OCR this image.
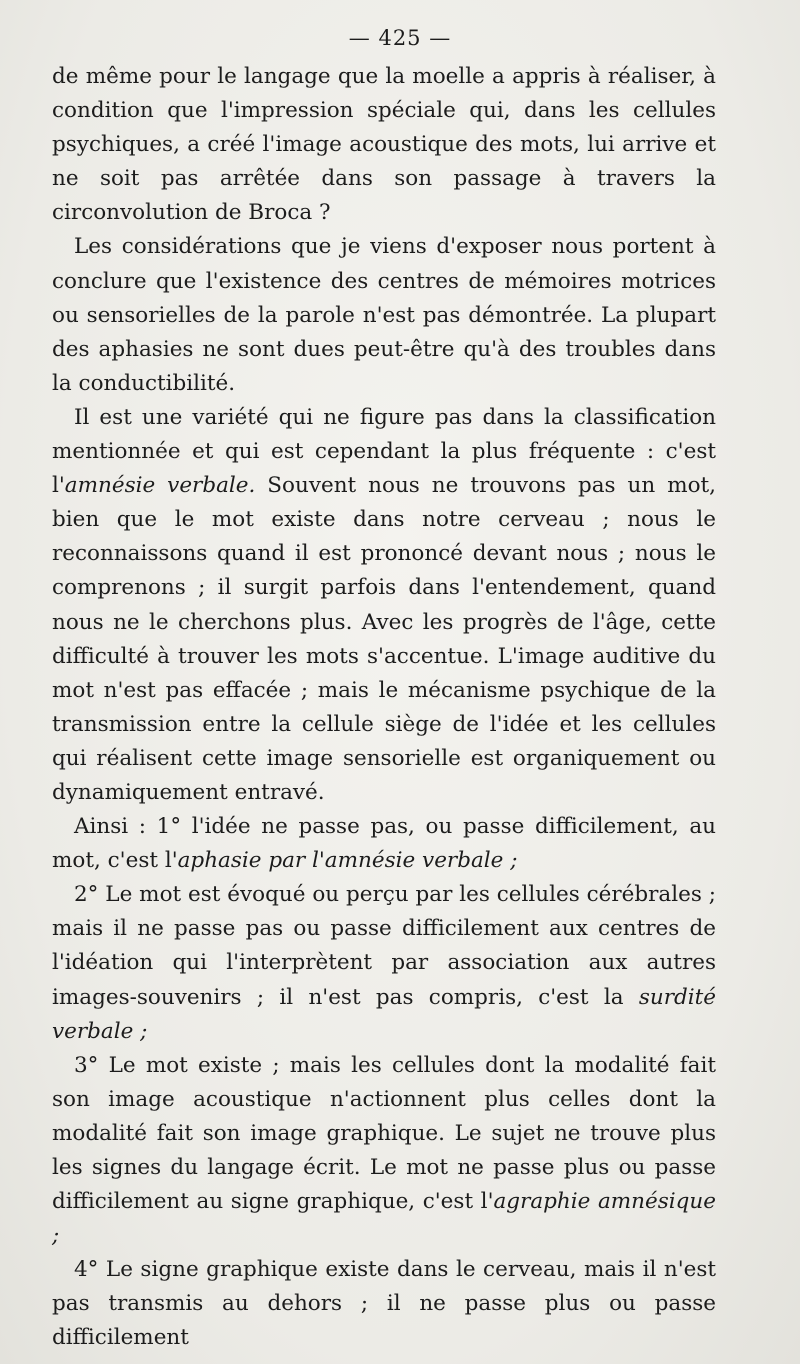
— 425 —

de même pour le langage que la moelle a appris à réaliser, à condition que l'impression spéciale qui, dans les cellules psychiques, a créé l'image acoustique des mots, lui arrive et ne soit pas arrêtée dans son passage à travers la circonvolution de Broca ?

Les considérations que je viens d'exposer nous portent à conclure que l'existence des centres de mémoires motrices ou sensorielles de la parole n'est pas démontrée. La plupart des aphasies ne sont dues peut-être qu'à des troubles dans la conductibilité.

Il est une variété qui ne figure pas dans la classification mentionnée et qui est cependant la plus fréquente : c'est l'amnésie verbale. Souvent nous ne trouvons pas un mot, bien que le mot existe dans notre cerveau ; nous le reconnaissons quand il est prononcé devant nous ; nous le comprenons ; il surgit parfois dans l'entendement, quand nous ne le cherchons plus. Avec les progrès de l'âge, cette difficulté à trouver les mots s'accentue. L'image auditive du mot n'est pas effacée ; mais le mécanisme psychique de la transmission entre la cellule siège de l'idée et les cellules qui réalisent cette image sensorielle est organiquement ou dynamiquement entravé.

Ainsi : 1° l'idée ne passe pas, ou passe difficilement, au mot, c'est l'aphasie par l'amnésie verbale ;

2° Le mot est évoqué ou perçu par les cellules cérébrales ; mais il ne passe pas ou passe difficilement aux centres de l'idéation qui l'interprètent par association aux autres images-souvenirs ; il n'est pas compris, c'est la surdité verbale ;

3° Le mot existe ; mais les cellules dont la modalité fait son image acoustique n'actionnent plus celles dont la modalité fait son image graphique. Le sujet ne trouve plus les signes du langage écrit. Le mot ne passe plus ou passe difficilement au signe graphique, c'est l'agraphie amnésique ;

4° Le signe graphique existe dans le cerveau, mais il n'est pas transmis au dehors ; il ne passe plus ou passe difficilement
